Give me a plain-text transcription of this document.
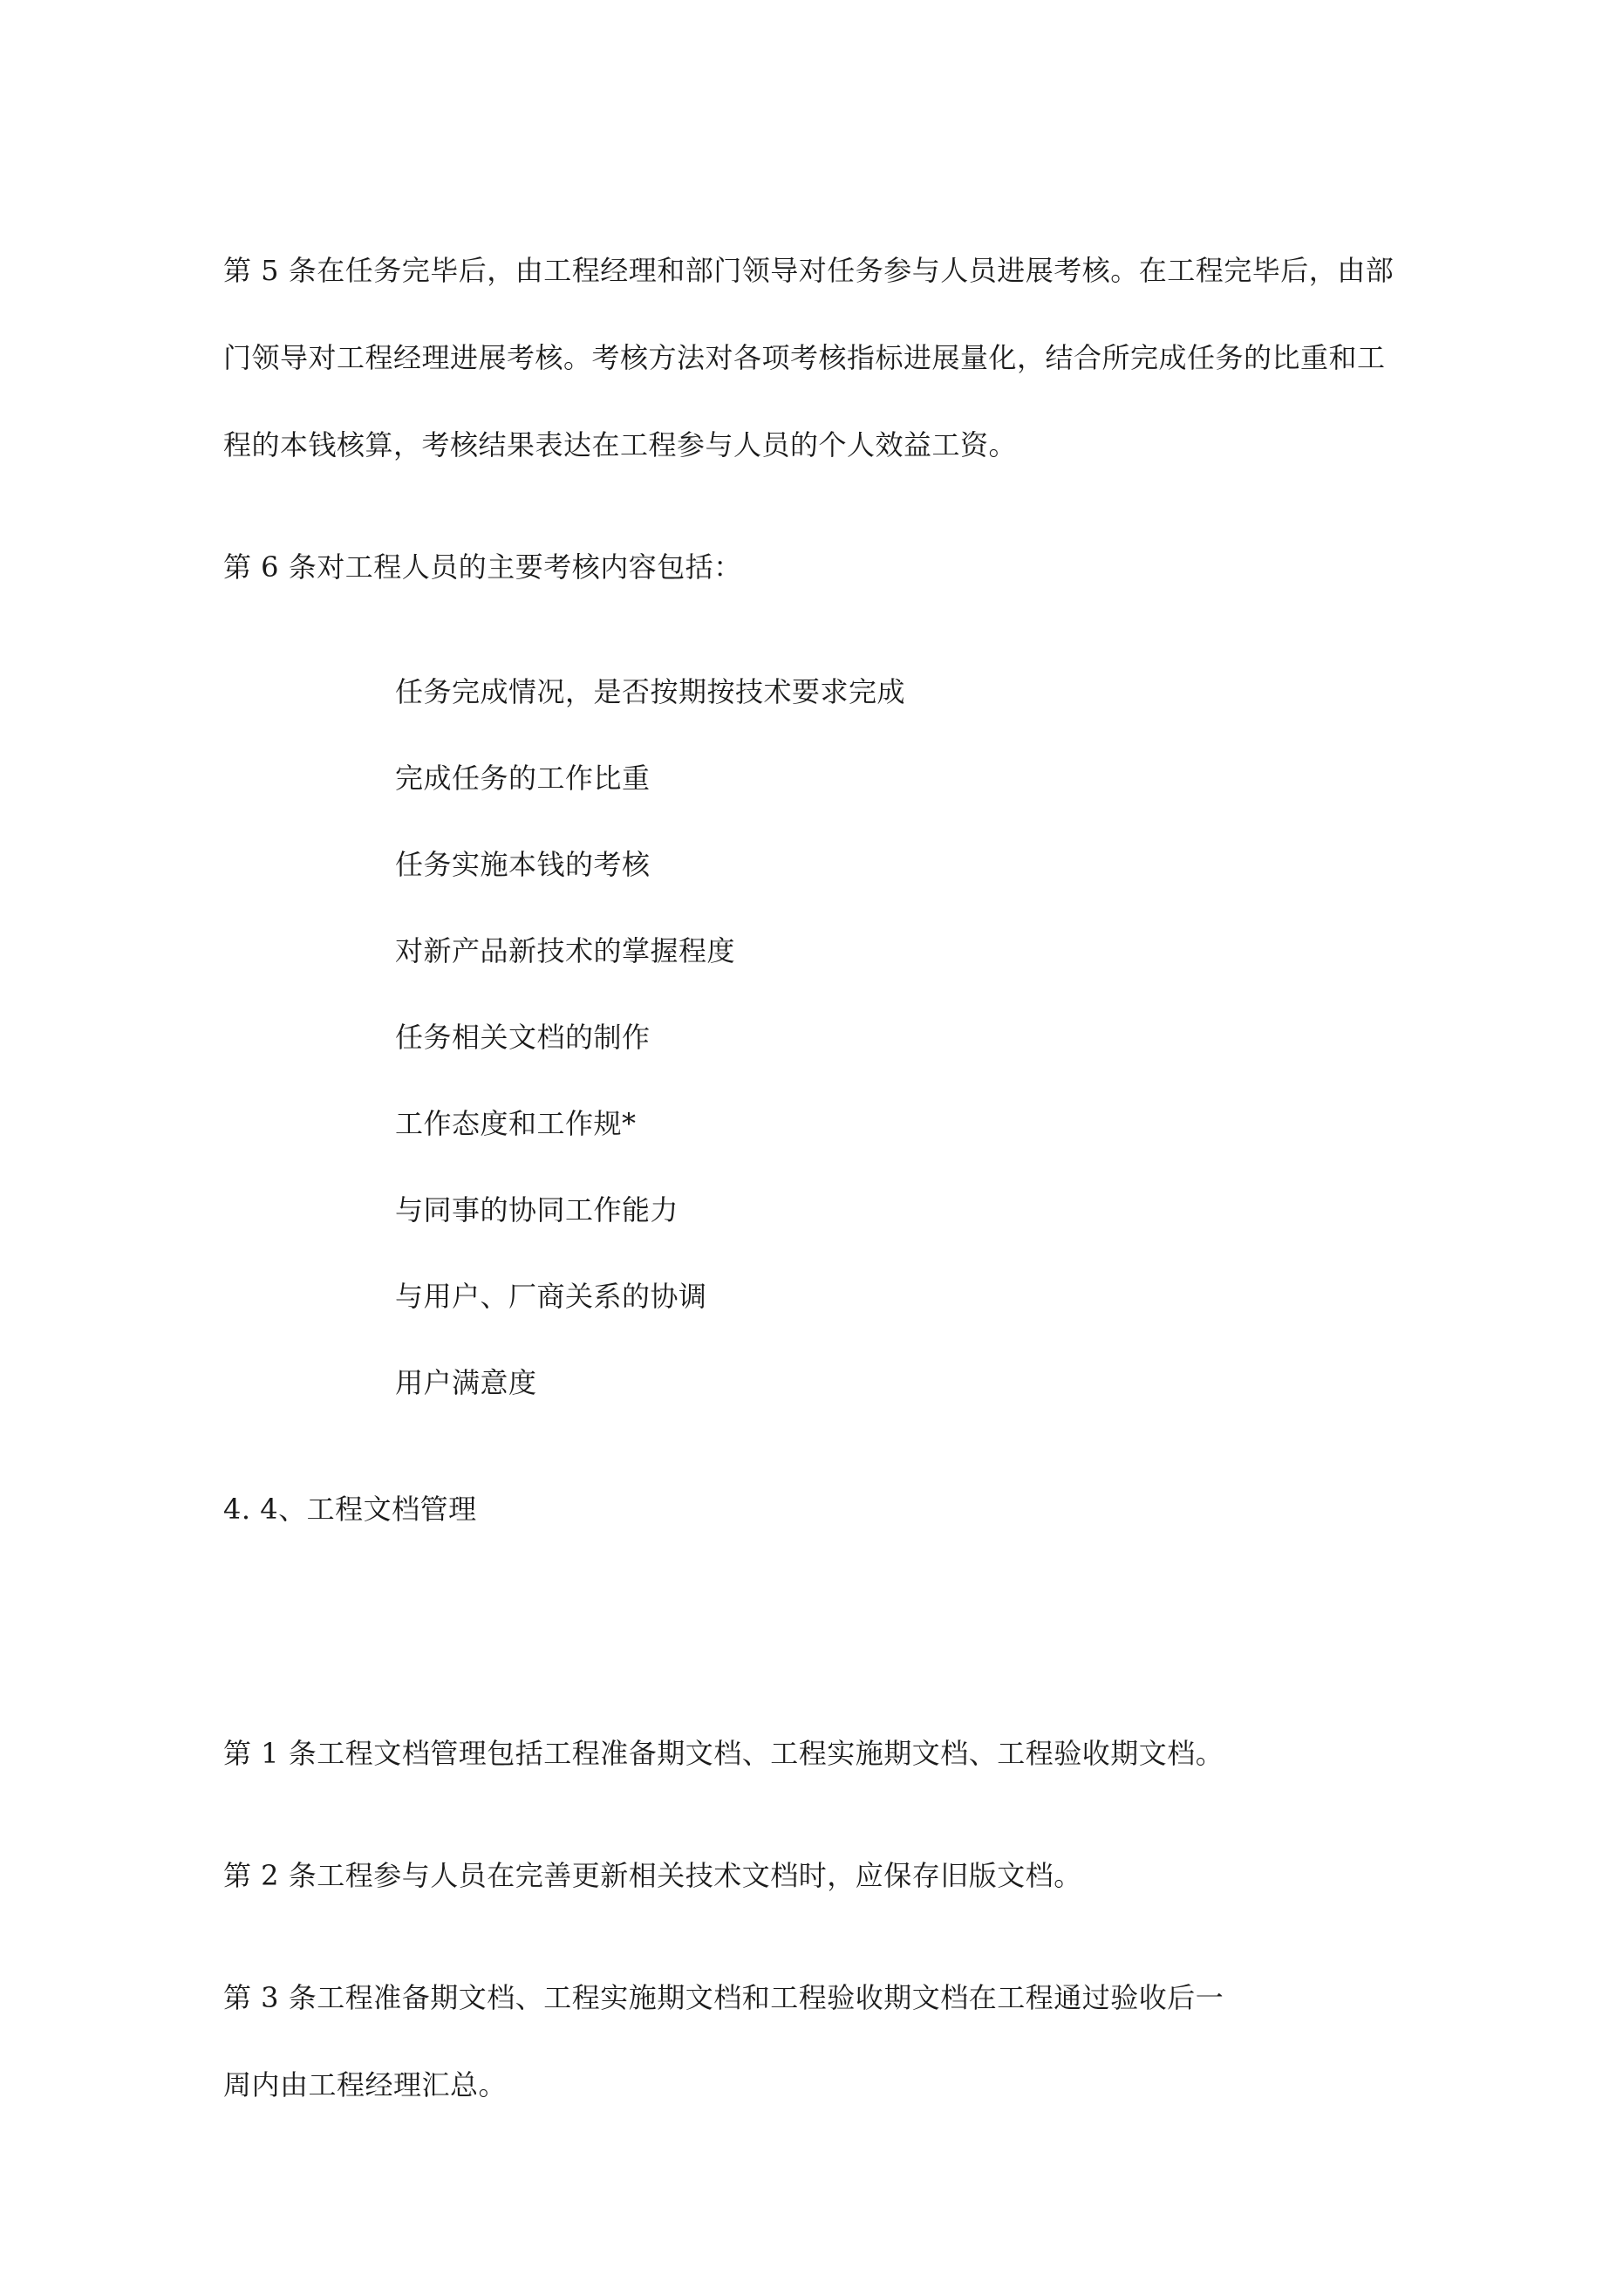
第 5 条在任务完毕后，由工程经理和部门领导对任务参与人员进展考核。在工程完毕后，由部
门领导对工程经理进展考核。考核方法对各项考核指标进展量化，结合所完成任务的比重和工
程的本钱核算，考核结果表达在工程参与人员的个人效益工资。
第 6 条对工程人员的主要考核内容包括：
任务完成情况，是否按期按技术要求完成
完成任务的工作比重
任务实施本钱的考核
对新产品新技术的掌握程度
任务相关文档的制作
工作态度和工作规*
与同事的协同工作能力
与用户、厂商关系的协调
用户满意度
4. 4、工程文档管理
第 1 条工程文档管理包括工程准备期文档、工程实施期文档、工程验收期文档。
第 2 条工程参与人员在完善更新相关技术文档时，应保存旧版文档。
第 3 条工程准备期文档、工程实施期文档和工程验收期文档在工程通过验收后一
周内由工程经理汇总。
